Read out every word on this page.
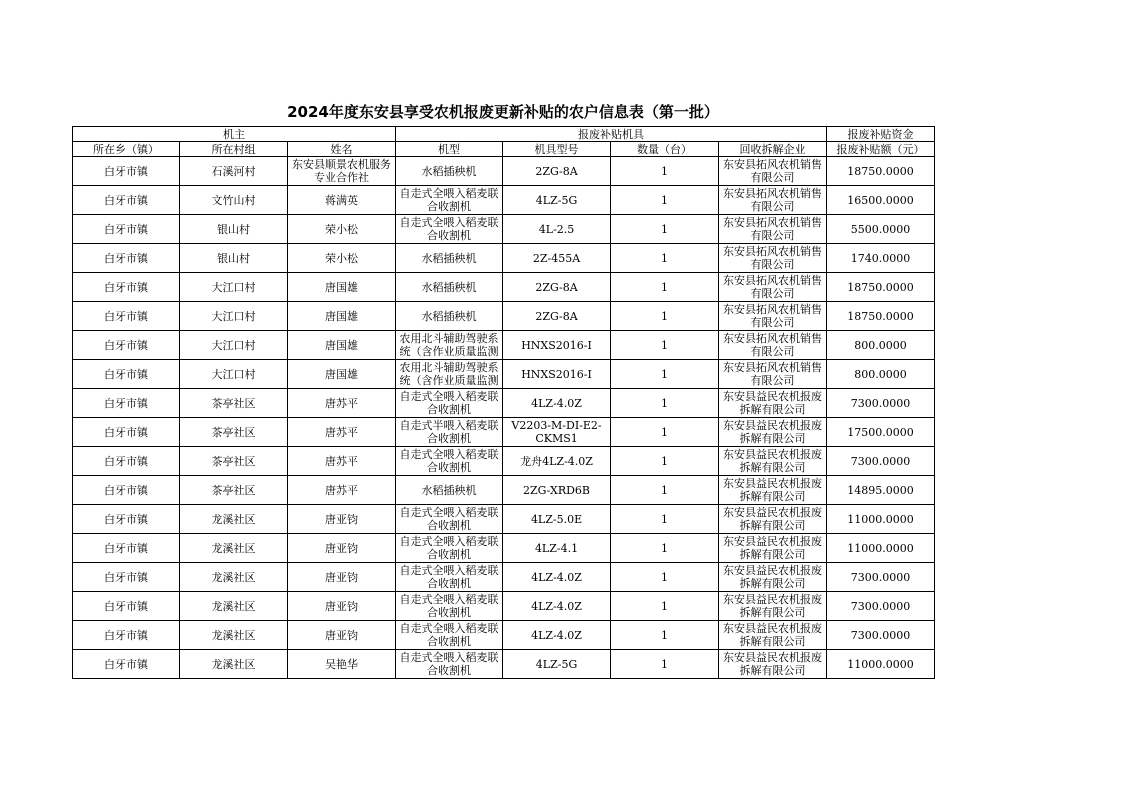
2024年度东安县享受农机报废更新补贴的农户信息表（第一批）
机主			报废补贴机具				报废补贴资金
所在乡（镇）	所在村组	姓名	机型	机具型号	数量（台）	回收拆解企业	报废补贴额（元）

白牙市镇	石溪河村	东安县顺景农机服务专业合作社	水稻插秧机	2ZG-8A	1	东安县拓风农机销售有限公司	18750.0000

白牙市镇	文竹山村	蒋满英	自走式全喂入稻麦联合收割机	4LZ-5G	1	东安县拓风农机销售有限公司	16500.0000

白牙市镇	银山村	荣小松	自走式全喂入稻麦联合收割机	4L-2.5	1	东安县拓风农机销售有限公司	5500.0000

白牙市镇	银山村	荣小松	水稻插秧机	2Z-455A	1	东安县拓风农机销售有限公司	1740.0000

白牙市镇	大江口村	唐国雄	水稻插秧机	2ZG-8A	1	东安县拓风农机销售有限公司	18750.0000

白牙市镇	大江口村	唐国雄	水稻插秧机	2ZG-8A	1	东安县拓风农机销售有限公司	18750.0000

白牙市镇	大江口村	唐国雄	农用北斗辅助驾驶系统（含作业质量监测	HNXS2016-I	1	东安县拓风农机销售有限公司	800.0000

白牙市镇	大江口村	唐国雄	农用北斗辅助驾驶系统（含作业质量监测	HNXS2016-I	1	东安县拓风农机销售有限公司	800.0000

白牙市镇	茶亭社区	唐苏平	自走式全喂入稻麦联合收割机	4LZ-4.0Z	1	东安县益民农机报废拆解有限公司	7300.0000

白牙市镇	茶亭社区	唐苏平	自走式半喂入稻麦联合收割机	V2203-M-DI-E2-CKMS1	1	东安县益民农机报废拆解有限公司	17500.0000

白牙市镇	茶亭社区	唐苏平	自走式全喂入稻麦联合收割机	龙舟4LZ-4.0Z	1	东安县益民农机报废拆解有限公司	7300.0000

白牙市镇	茶亭社区	唐苏平	水稻插秧机	2ZG-XRD6B	1	东安县益民农机报废拆解有限公司	14895.0000

白牙市镇	龙溪社区	唐亚钧	自走式全喂入稻麦联合收割机	4LZ-5.0E	1	东安县益民农机报废拆解有限公司	11000.0000

白牙市镇	龙溪社区	唐亚钧	自走式全喂入稻麦联合收割机	4LZ-4.1	1	东安县益民农机报废拆解有限公司	11000.0000

白牙市镇	龙溪社区	唐亚钧	自走式全喂入稻麦联合收割机	4LZ-4.0Z	1	东安县益民农机报废拆解有限公司	7300.0000

白牙市镇	龙溪社区	唐亚钧	自走式全喂入稻麦联合收割机	4LZ-4.0Z	1	东安县益民农机报废拆解有限公司	7300.0000

白牙市镇	龙溪社区	唐亚钧	自走式全喂入稻麦联合收割机	4LZ-4.0Z	1	东安县益民农机报废拆解有限公司	7300.0000

白牙市镇	龙溪社区	吴艳华	自走式全喂入稻麦联合收割机	4LZ-5G	1	东安县益民农机报废拆解有限公司	11000.0000
